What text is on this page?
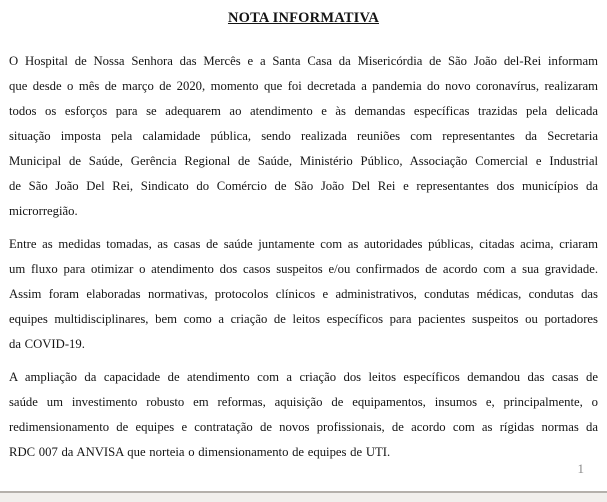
NOTA INFORMATIVA
O Hospital de Nossa Senhora das Mercês e a Santa Casa da Misericórdia de São João del-Rei informam
que desde o mês de março de 2020, momento que foi decretada a pandemia do novo coronavírus, realizaram
todos os esforços para se adequarem ao atendimento e às demandas específicas trazidas pela delicada
situação imposta pela calamidade pública, sendo realizada reuniões com representantes da Secretaria
Municipal de Saúde, Gerência Regional de Saúde, Ministério Público, Associação Comercial e Industrial
de São João Del Rei, Sindicato do Comércio de São João Del Rei e representantes dos municípios da
microrregião.
Entre as medidas tomadas, as casas de saúde juntamente com as autoridades públicas, citadas acima, criaram
um fluxo para otimizar o atendimento dos casos suspeitos e/ou confirmados de acordo com a sua gravidade.
Assim foram elaboradas normativas, protocolos clínicos e administrativos, condutas médicas, condutas das
equipes multidisciplinares, bem como a criação de leitos específicos para pacientes suspeitos ou portadores
da COVID-19.
A ampliação da capacidade de atendimento com a criação dos leitos específicos demandou das casas de
saúde um investimento robusto em reformas, aquisição de equipamentos, insumos e, principalmente, o
redimensionamento de equipes e contratação de novos profissionais, de acordo com as rígidas normas da
RDC 007 da ANVISA que norteia o dimensionamento de equipes de UTI.
1
